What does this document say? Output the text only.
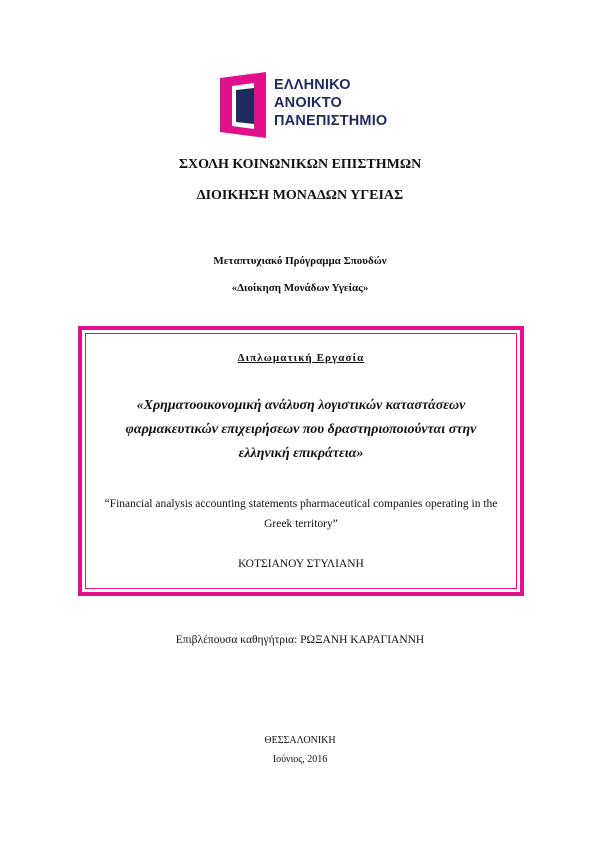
ΕΛΛΗΝΙΚΟ
ΑΝΟΙΚΤΟ
ΠΑΝΕΠΙΣΤΗΜΙΟ
ΣΧΟΛΗ ΚΟΙΝΩΝΙΚΩΝ ΕΠΙΣΤΗΜΩΝ
ΔΙΟΙΚΗΣΗ ΜΟΝΑΔΩΝ ΥΓΕΙΑΣ
Μεταπτυχιακό Πρόγραμμα Σπουδών
«Διοίκηση Μονάδων Υγείας»
Διπλωματική Εργασία
«Χρηματοοικονομική ανάλυση λογιστικών καταστάσεων φαρμακευτικών επιχειρήσεων που δραστηριοποιούνται στην ελληνική επικράτεια»
“Financial analysis accounting statements pharmaceutical companies operating in the Greek territory”
ΚΟΤΣΙΑΝΟΥ ΣΤΥΛΙΑΝΗ
Επιβλέπουσα καθηγήτρια: ΡΩΞΑΝΗ ΚΑΡΑΓΙΑΝΝΗ
ΘΕΣΣΑΛΟΝΙΚΗ
Ιούνιος, 2016
